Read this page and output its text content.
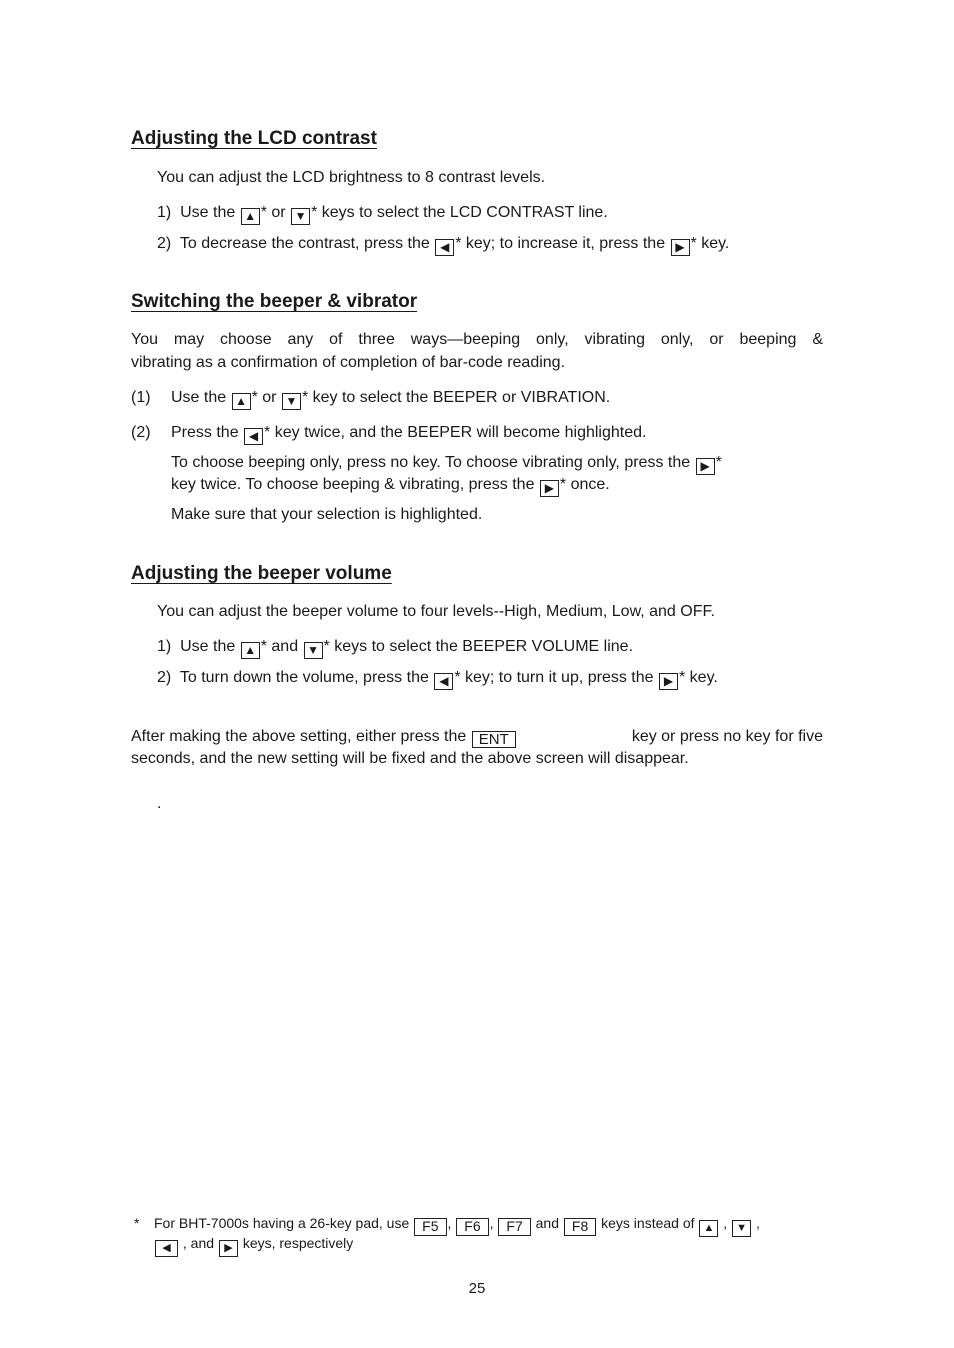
Adjusting the LCD contrast
You can adjust the LCD brightness to 8 contrast levels.
1) Use the ▲ * or ▼ * keys to select the LCD CONTRAST line.
2) To decrease the contrast, press the ◀ * key; to increase it, press the ▶ * key.
Switching the beeper & vibrator
You may choose any of three ways—beeping only, vibrating only, or beeping &
vibrating as a confirmation of completion of bar-code reading.
(1) Use the ▲ * or ▼ * key to select the BEEPER or VIBRATION.
(2) Press the ◀ * key twice, and the BEEPER will become highlighted.
To choose beeping only, press no key. To choose vibrating only, press the ▶ *
key twice. To choose beeping & vibrating, press the ▶ * once.
Make sure that your selection is highlighted.
Adjusting the beeper volume
You can adjust the beeper volume to four levels--High, Medium, Low, and OFF.
1) Use the ▲ * and ▼ * keys to select the BEEPER VOLUME line.
2) To turn down the volume, press the ◀ * key; to turn it up, press the ▶ * key.
After making the above setting, either press the ENT	key or press no key for five
seconds, and the new setting will be fixed and the above screen will disappear.
.
* For BHT-7000s having a 26-key pad, use F5 , F6 , F7 and F8 keys instead of ▲ , ▼ ,
◀ , and ▶ keys, respectively
25
